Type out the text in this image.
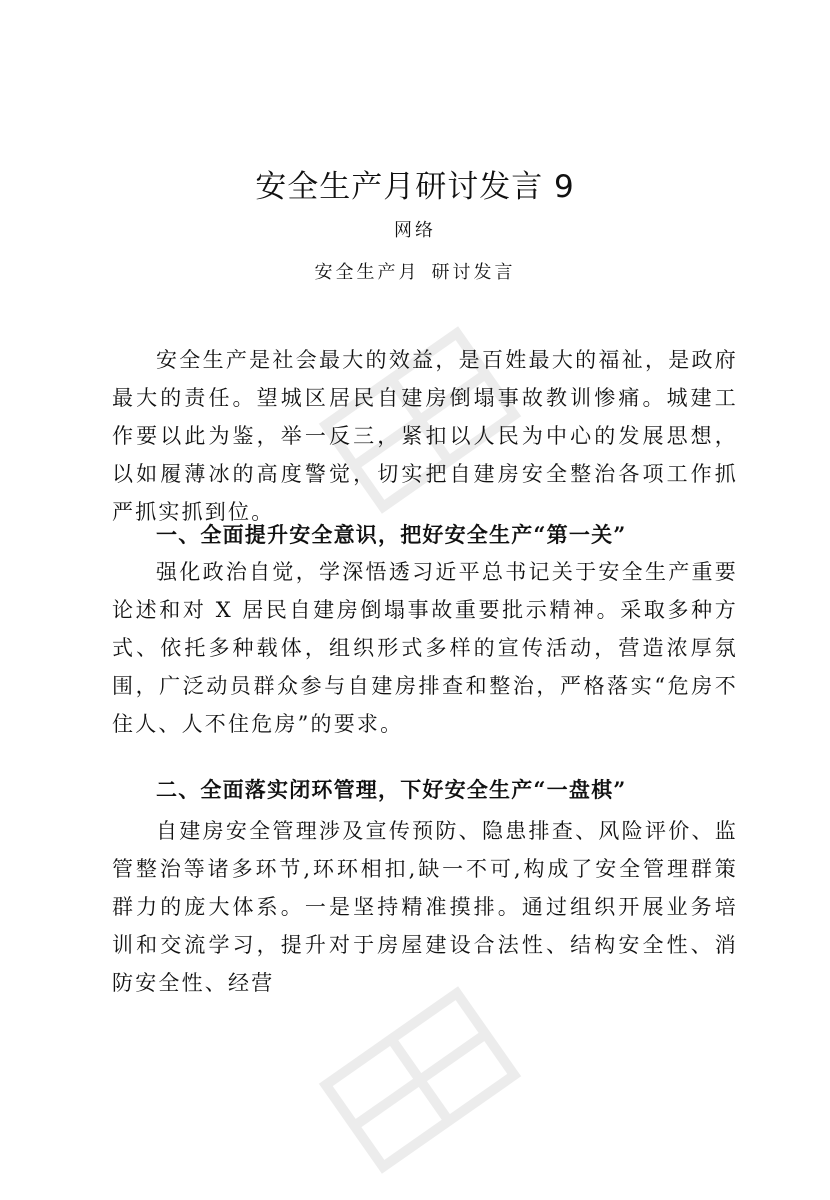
安全生产月研讨发言 9
网络
安全生产月 研讨发言

安全生产是社会最大的效益，是百姓最大的福祉，是政府最大的责任。望城区居民自建房倒塌事故教训惨痛。城建工作要以此为鉴，举一反三，紧扣以人民为中心的发展思想，以如履薄冰的高度警觉，切实把自建房安全整治各项工作抓严抓实抓到位。

一、全面提升安全意识，把好安全生产“第一关”

强化政治自觉，学深悟透习近平总书记关于安全生产重要论述和对 X 居民自建房倒塌事故重要批示精神。采取多种方式、依托多种载体，组织形式多样的宣传活动，营造浓厚氛围，广泛动员群众参与自建房排查和整治，严格落实“危房不住人、人不住危房”的要求。

二、全面落实闭环管理，下好安全生产“一盘棋”

自建房安全管理涉及宣传预防、隐患排查、风险评价、监管整治等诸多环节,环环相扣,缺一不可,构成了安全管理群策群力的庞大体系。一是坚持精准摸排。通过组织开展业务培训和交流学习，提升对于房屋建设合法性、结构安全性、消防安全性、经营
